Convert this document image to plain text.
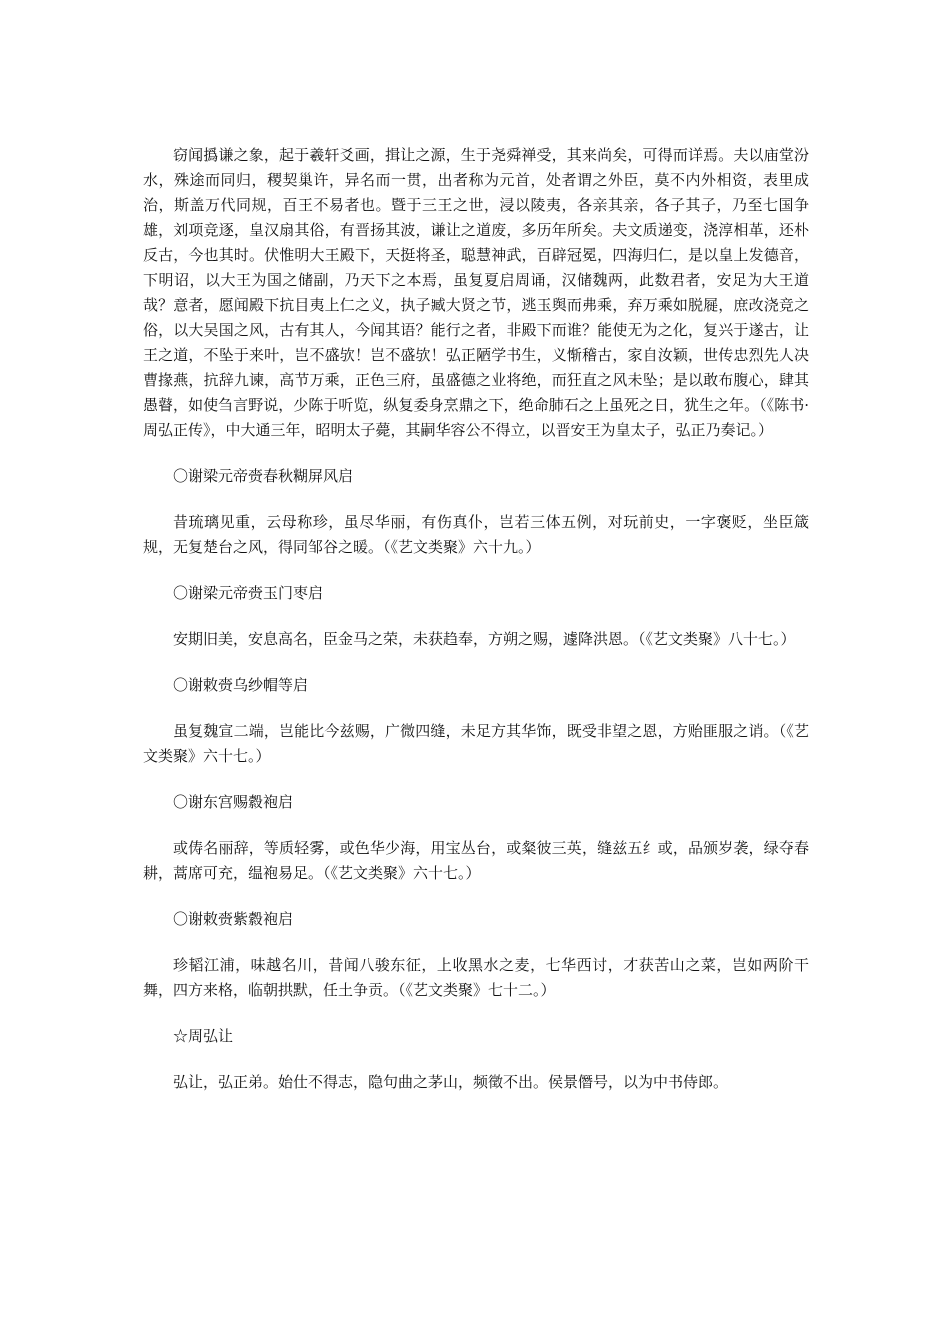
窃闻撝谦之象，起于羲轩爻画，揖让之源，生于尧舜禅受，其来尚矣，可得而详焉。夫以庙堂汾水，殊途而同归，稷契巢许，异名而一贯，出者称为元首，处者谓之外臣，莫不内外相资，表里成治，斯盖万代同规，百王不易者也。暨于三王之世，浸以陵夷，各亲其亲，各子其子，乃至七国争雄，刘项竞逐，皇汉扇其俗，有晋扬其波，谦让之道废，多历年所矣。夫文质递变，浇淳相革，还朴反古，今也其时。伏惟明大王殿下，天挺将圣，聪慧神武，百辟冠冕，四海归仁，是以皇上发德音，下明诏，以大王为国之储副，乃天下之本焉，虽复夏启周诵，汉储魏两，此数君者，安足为大王道哉？意者，愿闻殿下抗目夷上仁之义，执子臧大贤之节，逃玉舆而弗乘，弃万乘如脱屣，庶改浇竞之俗，以大吴国之风，古有其人，今闻其语？能行之者，非殿下而谁？能使无为之化，复兴于遂古，让王之道，不坠于来叶，岂不盛欤！岂不盛欤！弘正陋学书生，义惭稽古，家自汝颖，世传忠烈先人决曹掾燕，抗辞九谏，高节万乘，正色三府，虽盛德之业将绝，而狂直之风未坠；是以敢布腹心，肆其愚瞽，如使刍言野说，少陈于听览，纵复委身烹鼎之下，绝命肺石之上虽死之日，犹生之年。（《陈书·周弘正传》，中大通三年，昭明太子薨，其嗣华容公不得立，以晋安王为皇太子，弘正乃奏记。）

〇谢梁元帝赍春秋糊屏风启

昔琉璃见重，云母称珍，虽尽华丽，有伤真仆，岂若三体五例，对玩前史，一字褒贬，坐臣箴规，无复楚台之风，得同邹谷之暖。（《艺文类聚》六十九。）

〇谢梁元帝赍玉门枣启

安期旧美，安息高名，臣金马之荣，未获趋奉，方朔之赐，遽降洪恩。（《艺文类聚》八十七。）

〇谢敕赍乌纱帽等启

虽复魏宣二端，岂能比今兹赐，广微四缝，未足方其华饰，既受非望之恩，方贻匪服之诮。（《艺文类聚》六十七。）

〇谢东宫赐縠袍启

或俦名丽辞，等质轻雾，或色华少海，用宝丛台，或粲彼三英，缝兹五纟或，品颁岁袭，绿夺春耕，蒿席可充，缊袍易足。（《艺文类聚》六十七。）

〇谢敕赍紫縠袍启

珍韬江浦，味越名川，昔闻八骏东征，上收黑水之麦，七华西讨，才获苦山之菜，岂如两阶干舞，四方来格，临朝拱默，任土争贡。（《艺文类聚》七十二。）

☆周弘让

弘让，弘正弟。始仕不得志，隐句曲之茅山，频徵不出。侯景僭号，以为中书侍郎。
